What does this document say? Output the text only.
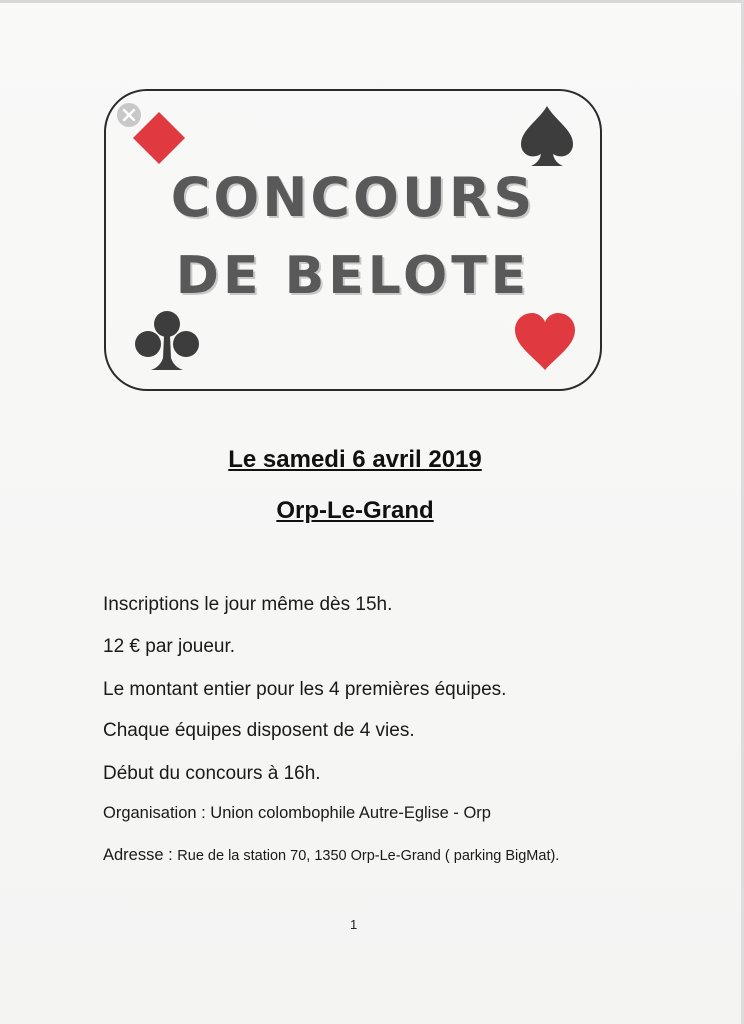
CONCOURS
DE BELOTE
Le samedi 6 avril 2019
Orp-Le-Grand
Inscriptions le jour même dès 15h.
12 € par joueur.
Le montant entier pour les 4 premières équipes.
Chaque équipes disposent de 4 vies.
Début du concours à 16h.
Organisation : Union colombophile Autre-Eglise - Orp
Adresse : Rue de la station 70, 1350 Orp-Le-Grand ( parking BigMat).
1
